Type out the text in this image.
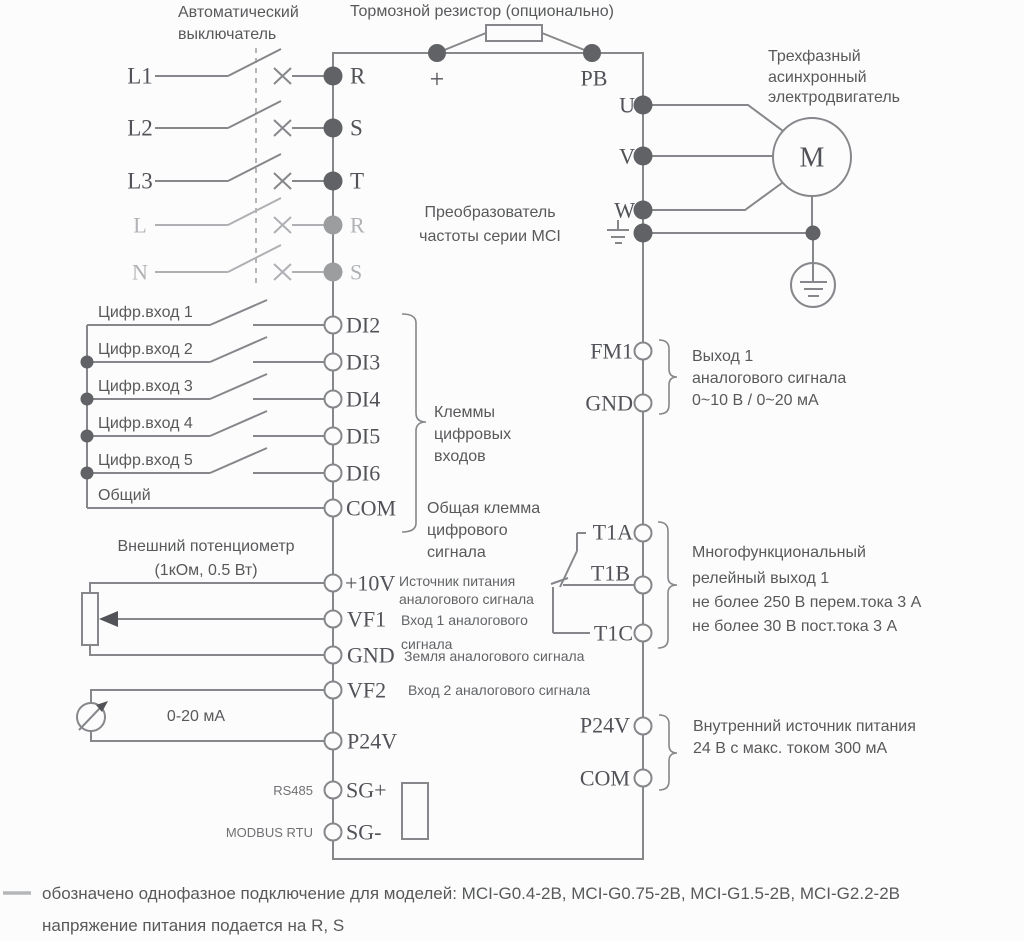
Преобразователь
частоты серии MCI
Автоматический
выключатель
Тормозной резистор (опционально)
+	PB
L1	R
L2	S
L3	T
L	R
N	S
Трехфазный
асинхронный
электродвигатель
U
V
W
M
Цифр.вход 1	DI2
Цифр.вход 2	DI3
Цифр.вход 3	DI4
Цифр.вход 4	DI5
Цифр.вход 5	DI6
Общий	COM
Клеммы
цифровых
входов
Общая клемма
цифрового
сигнала
Внешний потенциометр
(1кОм, 0.5 Вт)	+10V
VF1
GND
VF2
P24V
Источник питания
аналогового сигнала
Вход 1 аналогового
сигнала
Земля аналогового сигнала
Вход 2 аналогового сигнала
0-20 мА
RS485
MODBUS RTU
SG+
SG-
FM1
GND
Выход 1
аналогового сигнала
0~10 В / 0~20 мА
T1A
T1B
T1C
Многофункциональный
релейный выход 1
не более 250 В перем.тока 3 А
не более 30 В пост.тока 3 А
P24V
COM
Внутренний источник питания
24 В с макс. током 300 мА
обозначено однофазное подключение для моделей: MCI-G0.4-2B, MCI-G0.75-2B, MCI-G1.5-2B, MCI-G2.2-2B
напряжение питания подается на R, S
